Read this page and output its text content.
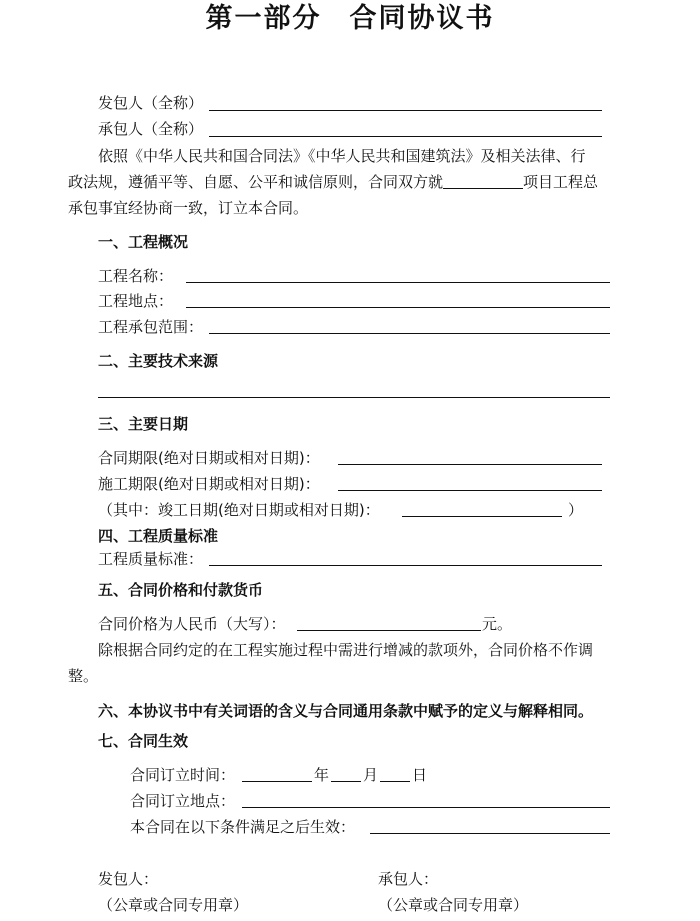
第一部分 合同协议书
发包人（全称）
承包人（全称）
依照《中华人民共和国合同法》《中华人民共和国建筑法》及相关法律、行
政法规，遵循平等、自愿、公平和诚信原则，合同双方就	项目工程总
承包事宜经协商一致，订立本合同。
一、工程概况
工程名称：
工程地点：
工程承包范围：
二、主要技术来源
三、主要日期
合同期限(绝对日期或相对日期)：
施工期限(绝对日期或相对日期)：
（其中：竣工日期(绝对日期或相对日期)：	）
四、工程质量标准
工程质量标准：
五、合同价格和付款货币
合同价格为人民币（大写）：	元。
除根据合同约定的在工程实施过程中需进行增减的款项外，合同价格不作调
整。
六、本协议书中有关词语的含义与合同通用条款中赋予的定义与解释相同。
七、合同生效
合同订立时间：	年 月 日
合同订立地点：
本合同在以下条件满足之后生效：
发包人：	承包人：
（公章或合同专用章）	（公章或合同专用章）
